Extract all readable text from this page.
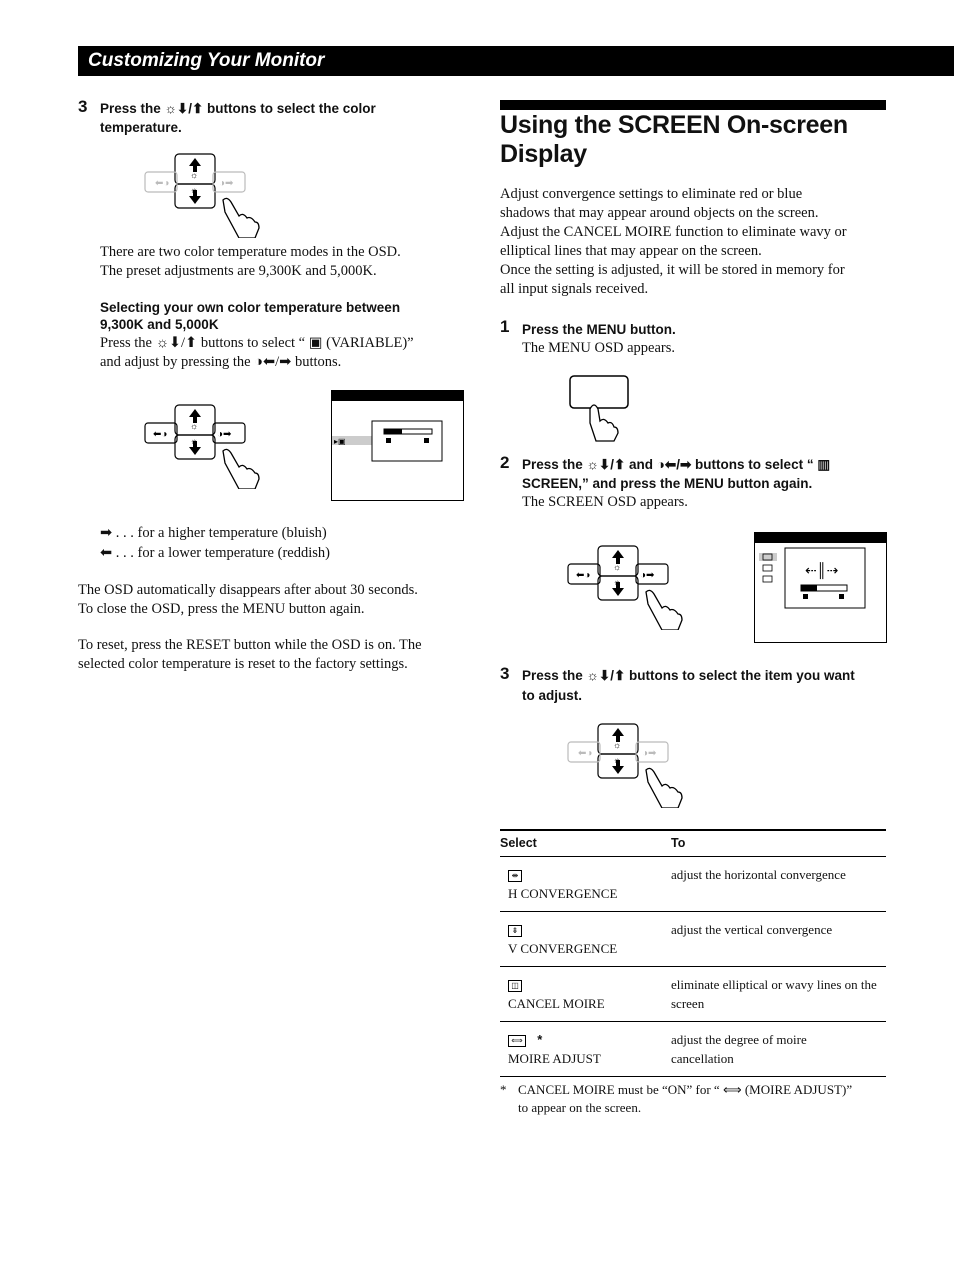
Customizing Your Monitor
3 Press the ☼⬇/⬆ buttons to select the color
temperature.
⬅◑	◑➡
☼
☼
There are two color temperature modes in the OSD.
The preset adjustments are 9,300K and 5,000K.
Selecting your own color temperature between
9,300K and 5,000K
Press the ☼⬇/⬆ buttons to select “ ▣ (VARIABLE)”
and adjust by pressing the ◑⬅/➡ buttons.
⬅◑	◑➡
☼
☼	▸▣
➡ . . . for a higher temperature (bluish)
⬅ . . . for a lower temperature (reddish)
The OSD automatically disappears after about 30 seconds.
To close the OSD, press the MENU button again.
To reset, press the RESET button while the OSD is on. The
selected color temperature is reset to the factory settings.
Using the SCREEN On-screen
Display
Adjust convergence settings to eliminate red or blue
shadows that may appear around objects on the screen.
Adjust the CANCEL MOIRE function to eliminate wavy or
elliptical lines that may appear on the screen.
Once the setting is adjusted, it will be stored in memory for
all input signals received.
1 Press the MENU button.
The MENU OSD appears.
2 Press the ☼⬇/⬆ and ◑⬅/➡ buttons to select “ ▥
SCREEN,” and press the MENU button again.
The SCREEN OSD appears.
⬅◑	◑➡
☼
☼
⇠║⇢
3 Press the ☼⬇/⬆ buttons to select the item you want
to adjust.
⬅◑	◑➡
☼
☼
Select	To
⇼
H CONVERGENCE	adjust the horizontal convergence
⇟
V CONVERGENCE	adjust the vertical convergence
◫
CANCEL MOIRE	eliminate elliptical or wavy lines on the screen
⟺ *
MOIRE ADJUST	adjust the degree of moire cancellation
* CANCEL MOIRE must be “ON” for “ ⟺ (MOIRE ADJUST)”
to appear on the screen.
